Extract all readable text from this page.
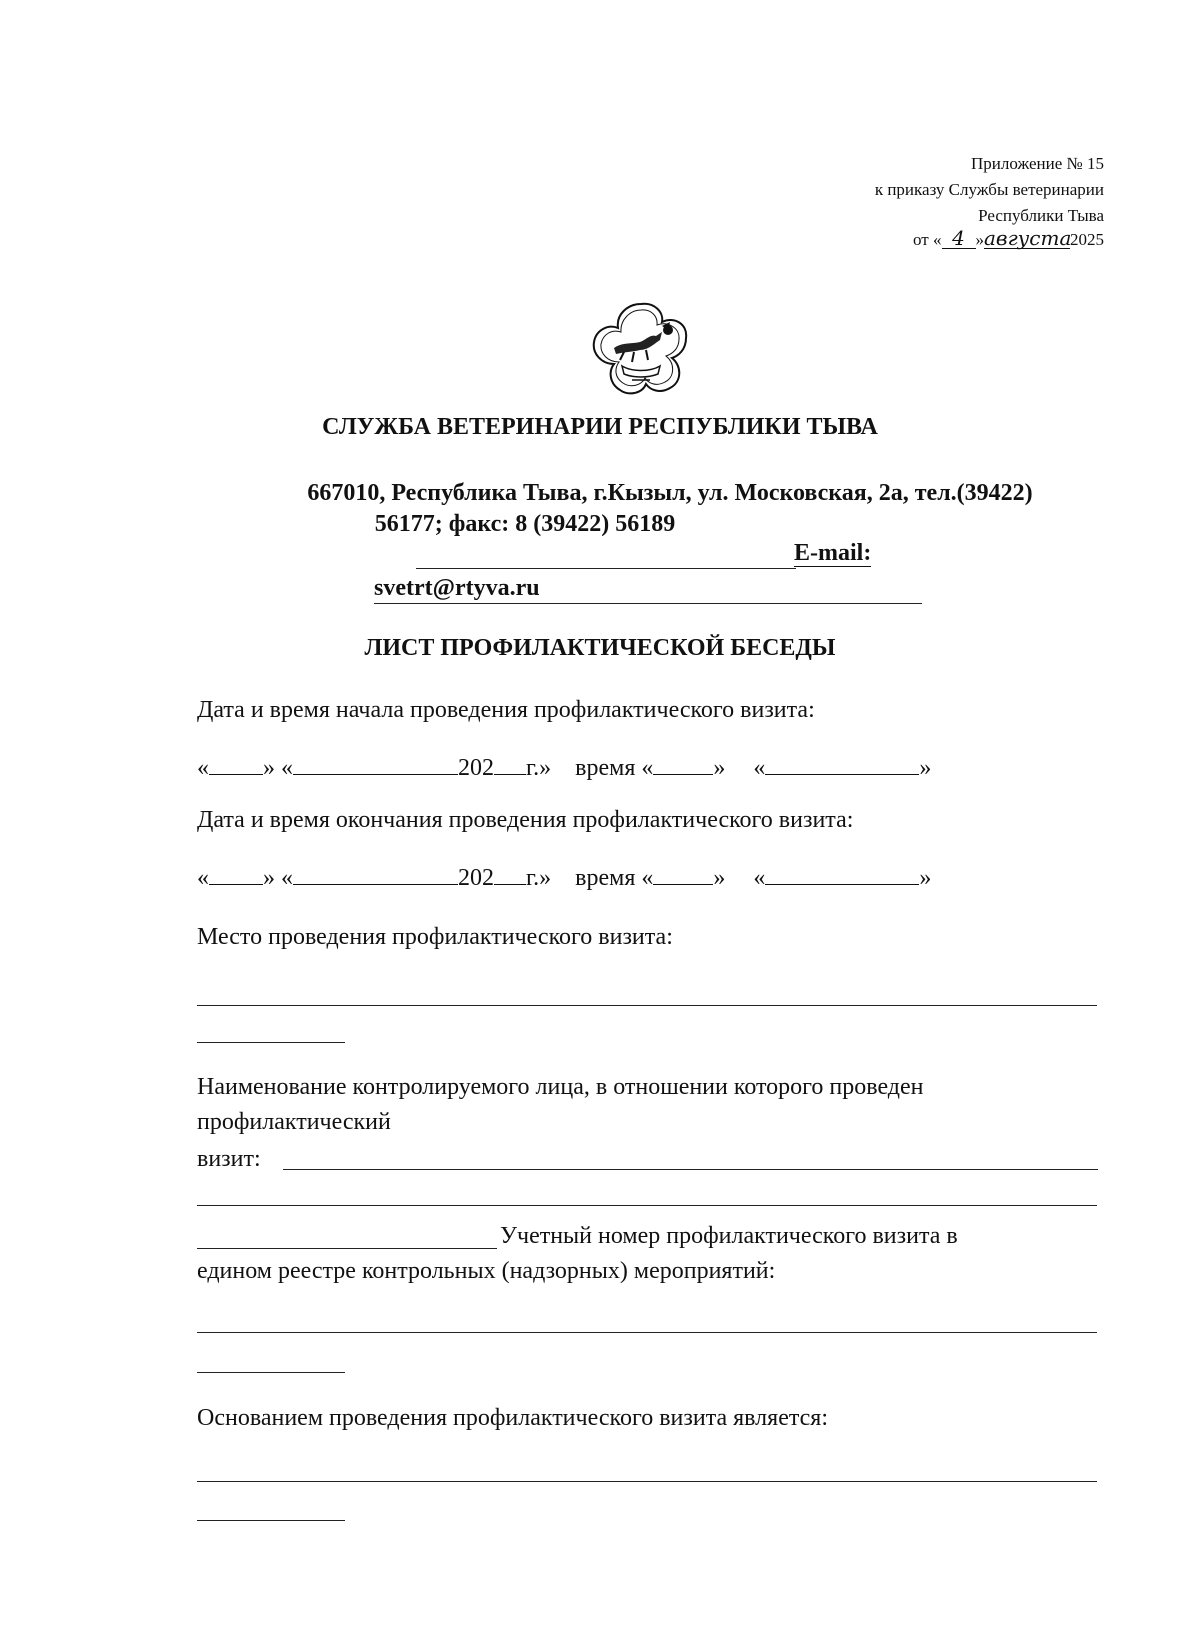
Приложение № 15
к приказу Службы ветеринарии
Республики Тыва
от « 4 »августа2025
СЛУЖБА ВЕТЕРИНАРИИ РЕСПУБЛИКИ ТЫВА
667010, Республика Тыва, г.Кызыл, ул. Московская, 2а, тел.(39422)
56177; факс: 8 (39422) 56189
E-mail:
svetrt@rtyva.ru
ЛИСТ ПРОФИЛАКТИЧЕСКОЙ БЕСЕДЫ
Дата и время начала проведения профилактического визита:
« » «	202 г.» время «	» «	»
Дата и время окончания проведения профилактического визита:
« » «	202 г.» время «	» «	»
Место проведения профилактического визита:
Наименование контролируемого лица, в отношении которого проведен
профилактический
визит:
Учетный номер профилактического визита в
едином реестре контрольных (надзорных) мероприятий:
Основанием проведения профилактического визита является:
